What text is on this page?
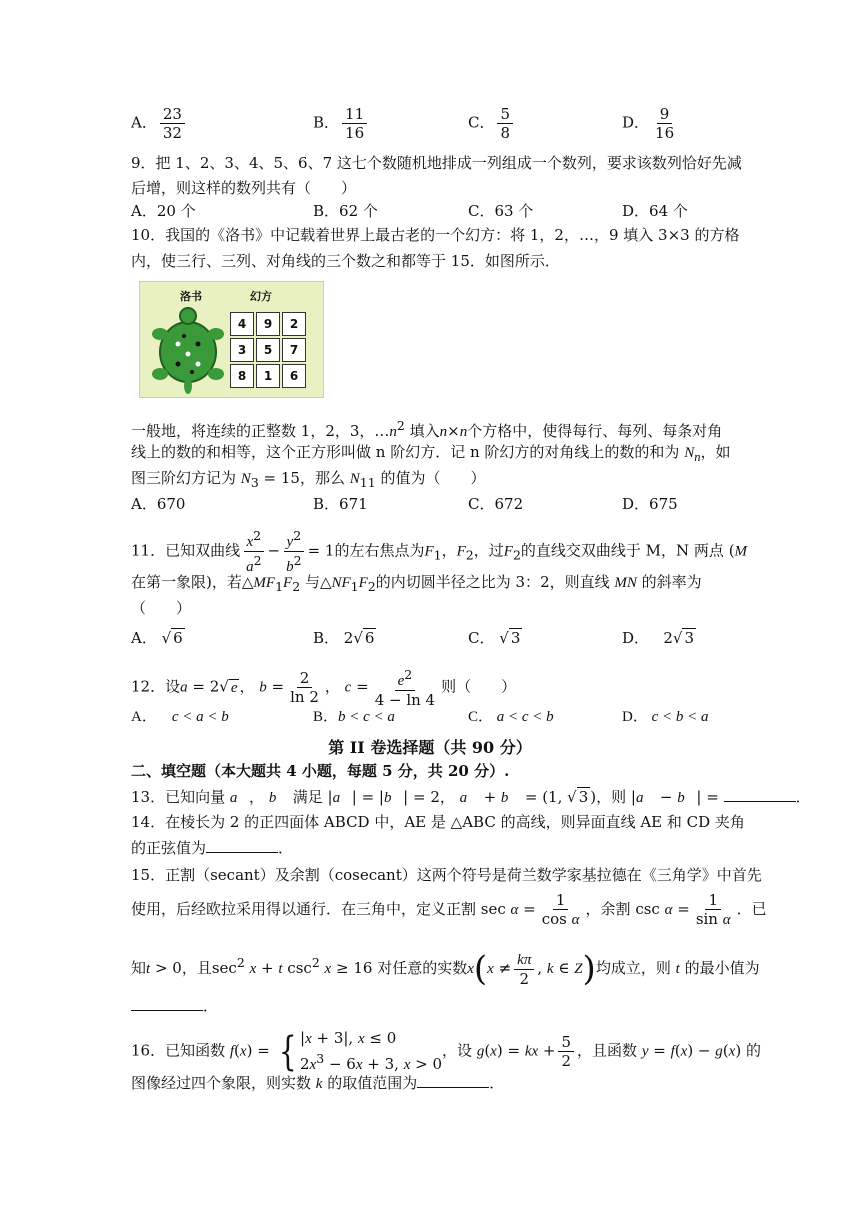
A． $\frac{23}{32}$	B． $\frac{11}{16}$	C． $\frac{5}{8}$	D． $\frac{9}{16}$
9．把 1、2、3、4、5、6、7 这七个数随机地排成一列组成一个数列，要求该数列恰好先减
后增，则这样的数列共有（　　）
A．20 个	B．62 个	C．63 个	D．64 个
10．我国的《洛书》中记载着世界上最古老的一个幻方：将 1，2，…，9 填入 3×3 的方格
内，使三行、三列、对角线的三个数之和都等于 15．如图所示．
洛书	幻方
4	9	2
3	5	7
8	1	6
一般地，将连续的正整数 1，2，3，$\dots n^2$ 填入n×n个方格中，使得每行、每列、每条对角
线上的数的和相等，这个正方形叫做 n 阶幻方．记 n 阶幻方的对角线上的数的和为 $N_n$，如
图三阶幻方记为 $N_3 = 15$，那么 $N_{11}$ 的值为（　　）
A．670	B．671	C．672	D．675
11．已知双曲线 $\frac{x^2}{a^2} - \frac{y^2}{b^2} = 1$的左右焦点为$F_1$，$F_2$，过$F_2$的直线交双曲线于 M，N 两点 (M
在第一象限)，若$\triangle MF_1F_2$ 与$\triangle NF_1F_2$的内切圆半径之比为 3：2，则直线 MN 的斜率为
（　　）
A． √ 6	B． 2√ 6	C． √ 3	D．   2√ 3
12．设a = 2√ e ， $b = \frac{2}{\ln 2}$ ， $c = \frac{e^2}{4 - \ln 4}$ 则（　　）
A．    c < a < b	B．b < c < a	C． a < c < b	D． c < b < a
第 II 卷选择题（共 90 分）
二、填空题（本大题共 4 小题，每题 5 分，共 20 分）.
13．已知向量 a⃗， b⃗ 满足 |a⃗| = |b⃗| = 2， a⃗ + b⃗ = (1, √ 3 )，则 |a⃗ − b⃗| =	．
14．在棱长为 2 的正四面体 ABCD 中，AE 是 △ABC 的高线，则异面直线 AE 和 CD 夹角
的正弦值为	．
15．正割（secant）及余割（cosecant）这两个符号是荷兰数学家基拉德在《三角学》中首先
使用，后经欧拉采用得以通行．在三角中，定义正割 $\sec \alpha = \frac{1}{\text{cos α}}$ ，余割 $\csc \alpha = \frac{1}{\text{sin α}}$ ．已
知t > 0，且$\sec^2 x + t$ $\csc^2 x \ge 16$ 对任意的实数$x(x \ne \frac{k\pi}{2}$ , k ∈ Z)均成立，则 t 的最小值为
．
16．已知函数 f(x) = { |x + 3|, x ≤ 0
$2x^3 - 6x + 3$, x > 0
，设 g(x) = kx + $\frac{5}{2}$ ，且函数 y = f(x) − g(x) 的
图像经过四个象限，则实数 k 的取值范围为	．
